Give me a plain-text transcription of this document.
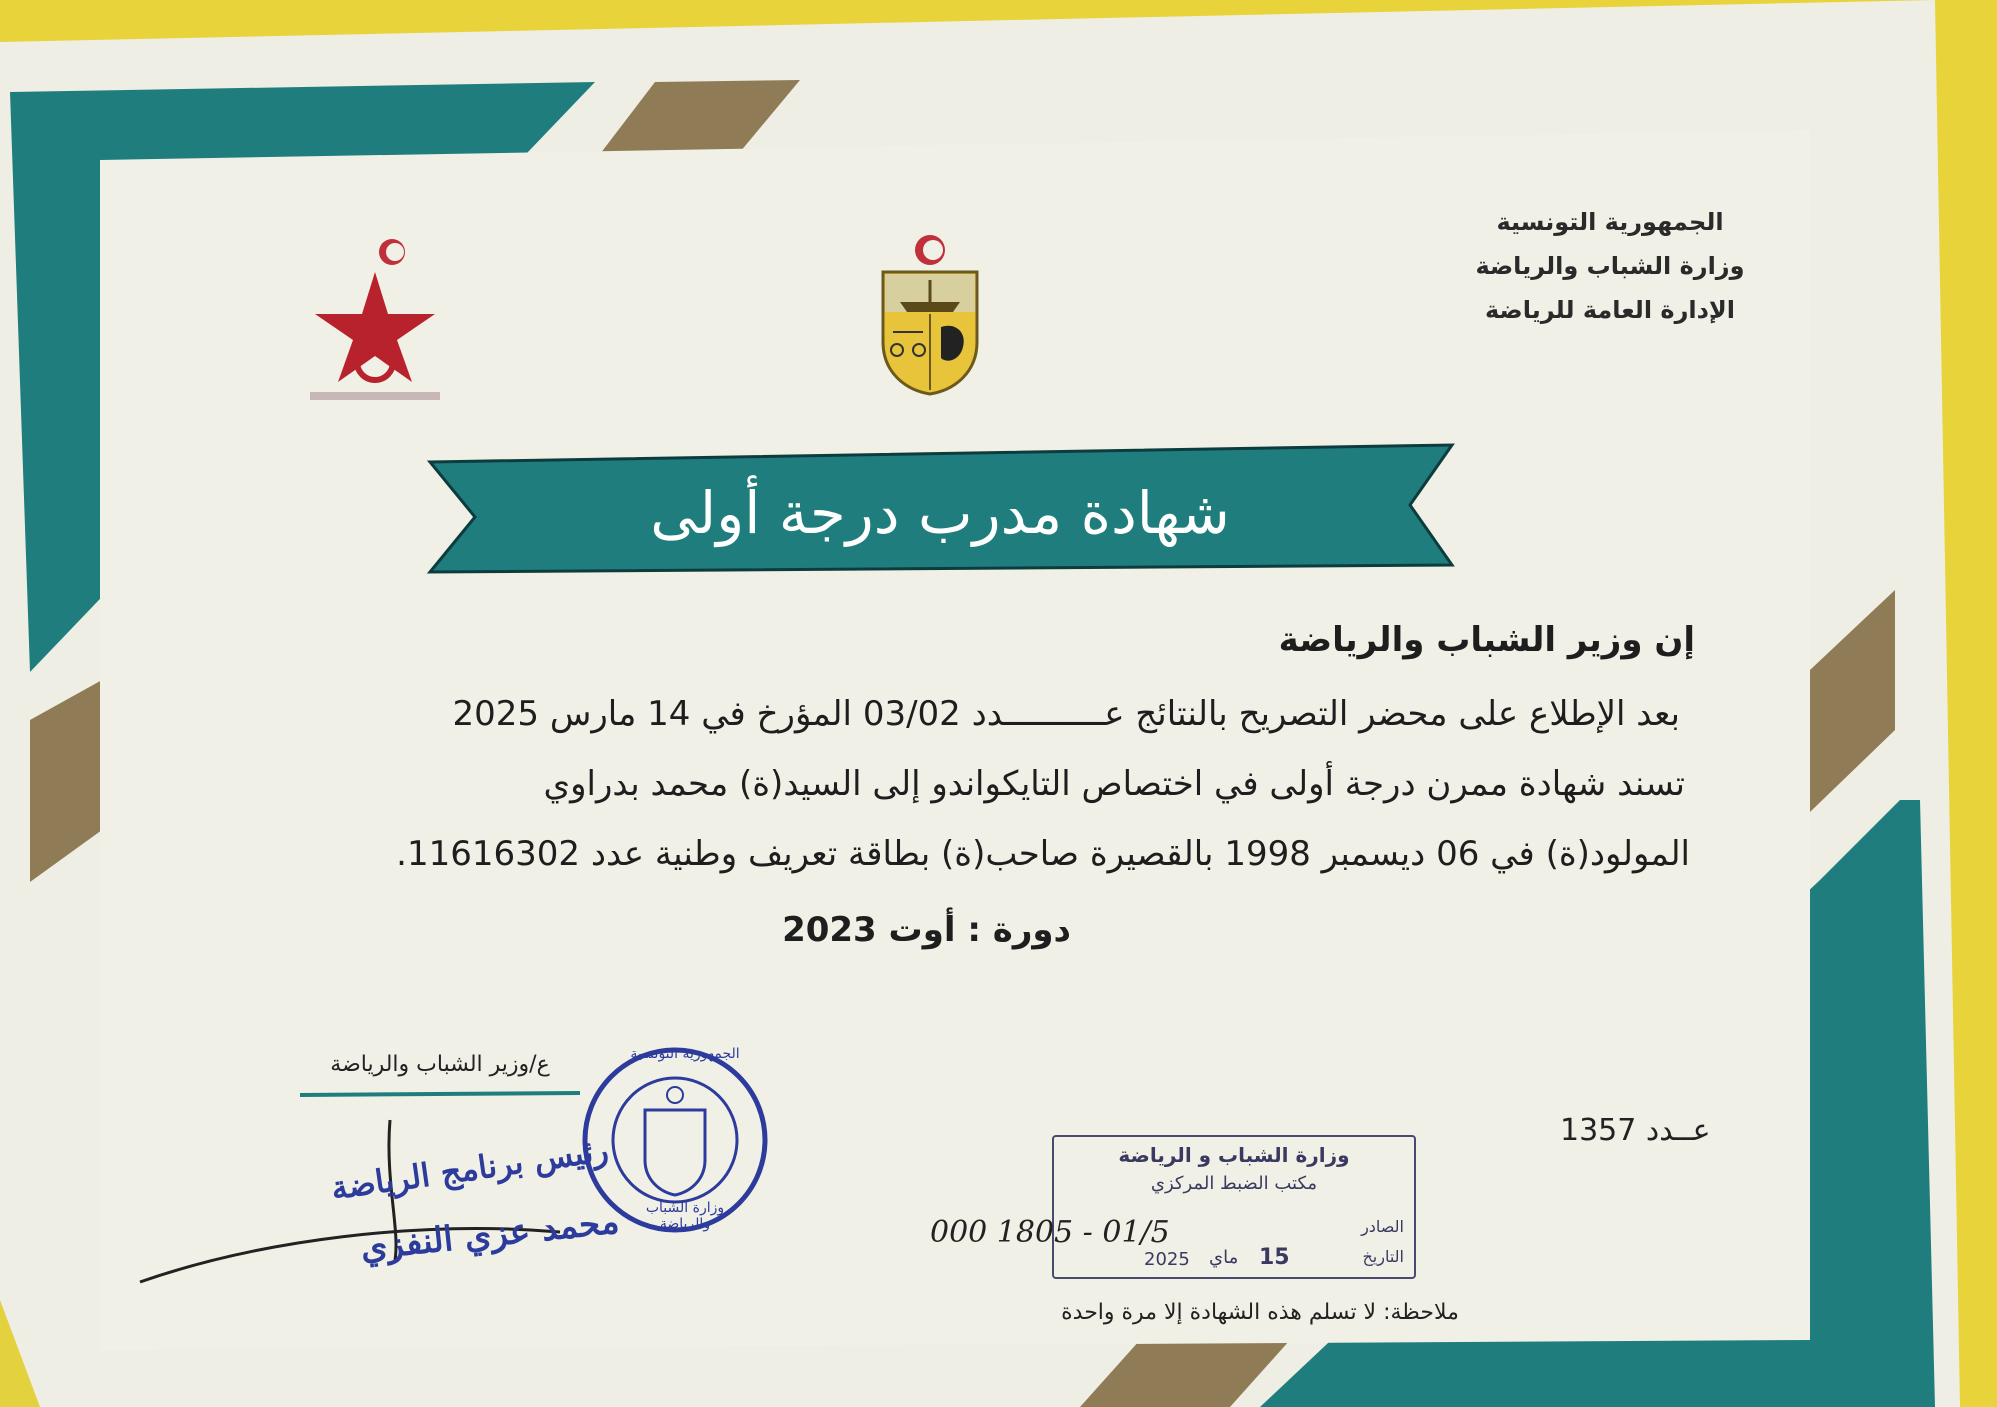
الجمهورية التونسية
وزارة الشباب والرياضة
الإدارة العامة للرياضة
شهادة مدرب درجة أولى
إن وزير الشباب والرياضة
بعد الإطلاع على محضر التصريح بالنتائج عــــــــــدد 03/02 المؤرخ في 14 مارس 2025
تسند شهادة ممرن درجة أولى في اختصاص التايكواندو إلى السيد(ة) محمد بدراوي
المولود(ة) في 06 ديسمبر 1998 بالقصيرة صاحب(ة) بطاقة تعريف وطنية عدد 11616302.
دورة : أوت 2023
ع/وزير الشباب والرياضة	الجمهورية التونسية
وزارة الشباب والرياضة
رئيس برنامج الرياضة
محمد عزي النفزي
عــدد 1357
وزارة الشباب و الرياضة
مكتب الضبط المركزي
الصادر
التاريخ
2025 ماي 15
000 1805 - 01/5
ملاحظة: لا تسلم هذه الشهادة إلا مرة واحدة
